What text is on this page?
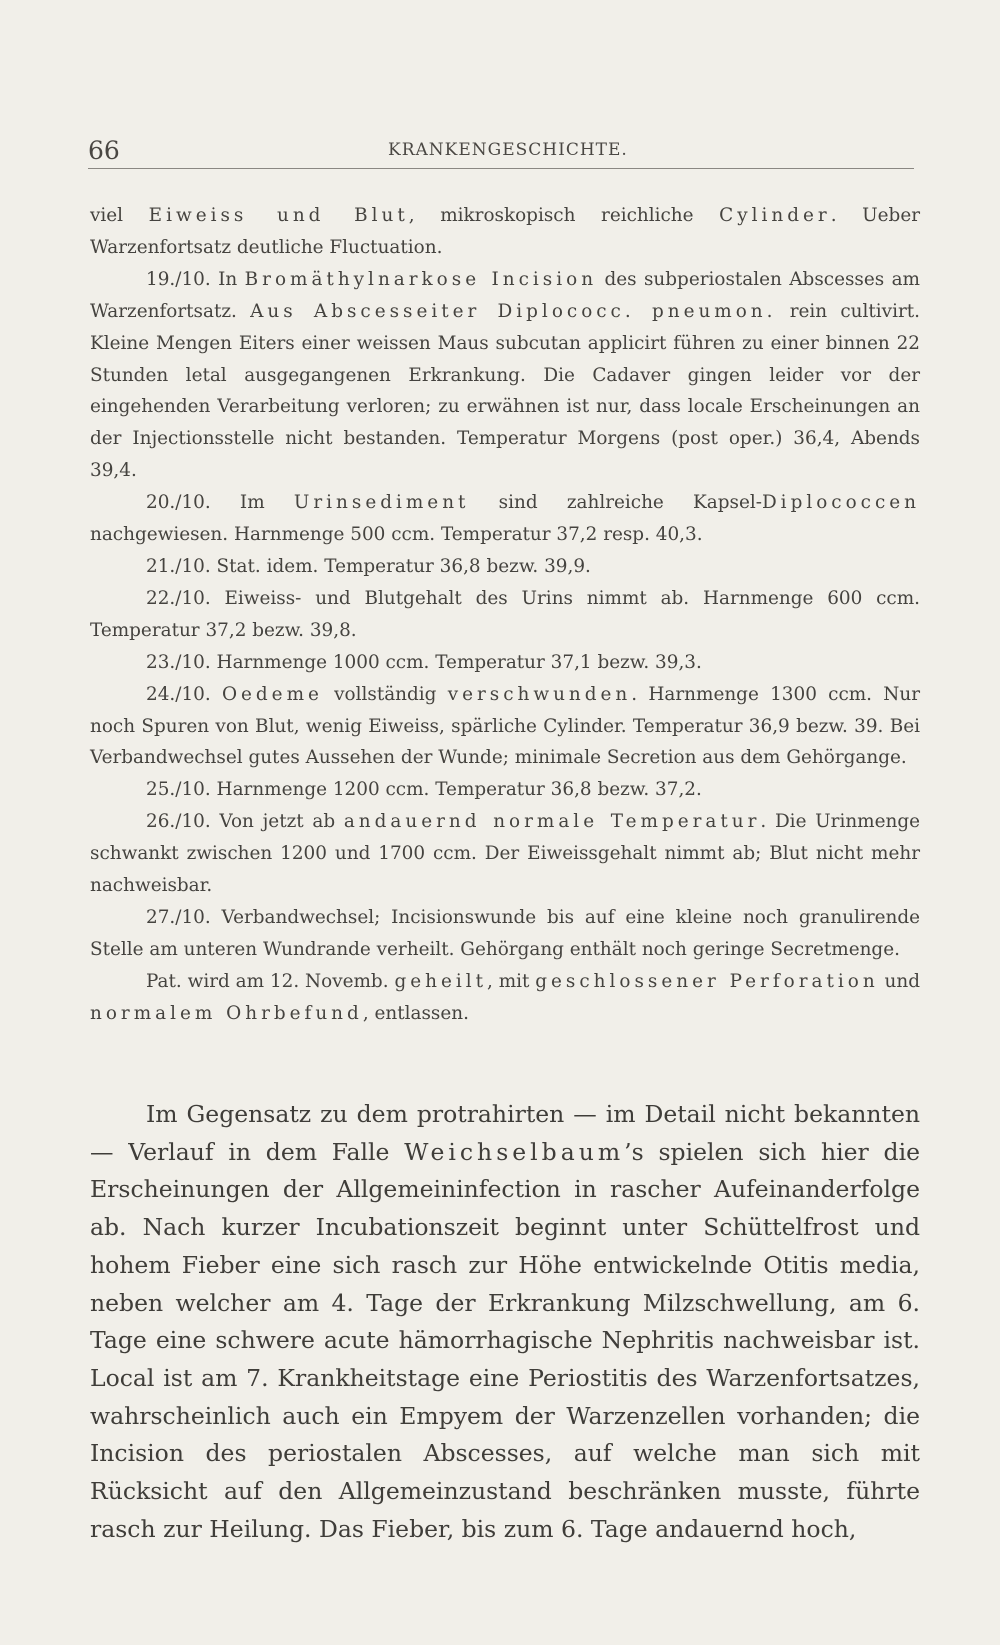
66	KRANKENGESCHICHTE.

viel Eiweiss und Blut, mikroskopisch reichliche Cylinder. Ueber Warzenfortsatz deutliche Fluctuation.

19./10. In Bromäthylnarkose Incision des subperiostalen Abscesses am Warzenfortsatz. Aus Abscesseiter Diplococc. pneumon. rein cultivirt. Kleine Mengen Eiters einer weissen Maus subcutan applicirt führen zu einer binnen 22 Stunden letal ausgegangenen Erkrankung. Die Cadaver gingen leider vor der eingehenden Verarbeitung verloren; zu erwähnen ist nur, dass locale Erscheinungen an der Injectionsstelle nicht bestanden. Temperatur Morgens (post oper.) 36,4, Abends 39,4.

20./10. Im Urinsediment sind zahlreiche Kapsel-Diplococcen nachgewiesen. Harnmenge 500 ccm. Temperatur 37,2 resp. 40,3.

21./10. Stat. idem. Temperatur 36,8 bezw. 39,9.

22./10. Eiweiss- und Blutgehalt des Urins nimmt ab. Harnmenge 600 ccm. Temperatur 37,2 bezw. 39,8.

23./10. Harnmenge 1000 ccm. Temperatur 37,1 bezw. 39,3.

24./10. Oedeme vollständig verschwunden. Harnmenge 1300 ccm. Nur noch Spuren von Blut, wenig Eiweiss, spärliche Cylinder. Temperatur 36,9 bezw. 39. Bei Verbandwechsel gutes Aussehen der Wunde; minimale Secretion aus dem Gehörgange.

25./10. Harnmenge 1200 ccm. Temperatur 36,8 bezw. 37,2.

26./10. Von jetzt ab andauernd normale Temperatur. Die Urinmenge schwankt zwischen 1200 und 1700 ccm. Der Eiweissgehalt nimmt ab; Blut nicht mehr nachweisbar.

27./10. Verbandwechsel; Incisionswunde bis auf eine kleine noch granulirende Stelle am unteren Wundrande verheilt. Gehörgang enthält noch geringe Secretmenge.

Pat. wird am 12. Novemb. geheilt, mit geschlossener Perforation und normalem Ohrbefund, entlassen.

Im Gegensatz zu dem protrahirten — im Detail nicht bekannten — Verlauf in dem Falle Weichselbaum’s spielen sich hier die Erscheinungen der Allgemeininfection in rascher Aufeinanderfolge ab. Nach kurzer Incubationszeit beginnt unter Schüttelfrost und hohem Fieber eine sich rasch zur Höhe entwickelnde Otitis media, neben welcher am 4. Tage der Erkrankung Milzschwellung, am 6. Tage eine schwere acute hämorrhagische Nephritis nachweisbar ist. Local ist am 7. Krankheitstage eine Periostitis des Warzenfortsatzes, wahrscheinlich auch ein Empyem der Warzenzellen vorhanden; die Incision des periostalen Abscesses, auf welche man sich mit Rücksicht auf den Allgemeinzustand beschränken musste, führte rasch zur Heilung. Das Fieber, bis zum 6. Tage andauernd hoch,
